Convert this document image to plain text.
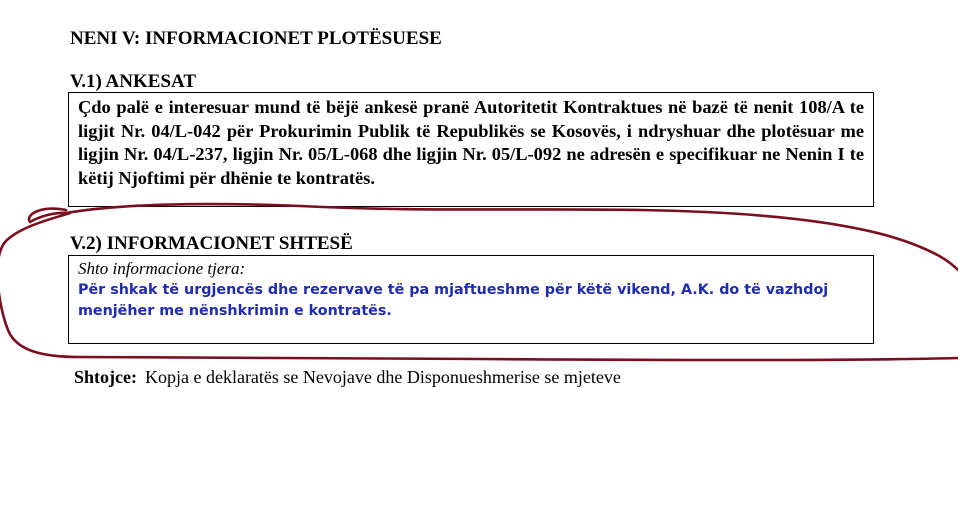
NENI V: INFORMACIONET PLOTËSUESE
V.1) ANKESAT
Çdo palë e interesuar mund të bëjë ankesë pranë Autoritetit Kontraktues në bazë të nenit 108/A te ligjit Nr. 04/L-042 për Prokurimin Publik të Republikës se Kosovës, i ndryshuar dhe plotësuar me ligjin Nr. 04/L-237, ligjin Nr. 05/L-068 dhe ligjin Nr. 05/L-092 ne adresën e specifikuar ne Nenin I te këtij Njoftimi për dhënie te kontratës.
V.2) INFORMACIONET SHTESË
Shto informacione tjera:
Për shkak të urgjencës dhe rezervave të pa mjaftueshme për këtë vikend, A.K. do të vazhdoj menjëher me nënshkrimin e kontratës.
Shtojce: Kopja e deklaratës se Nevojave dhe Disponueshmerise se mjeteve
